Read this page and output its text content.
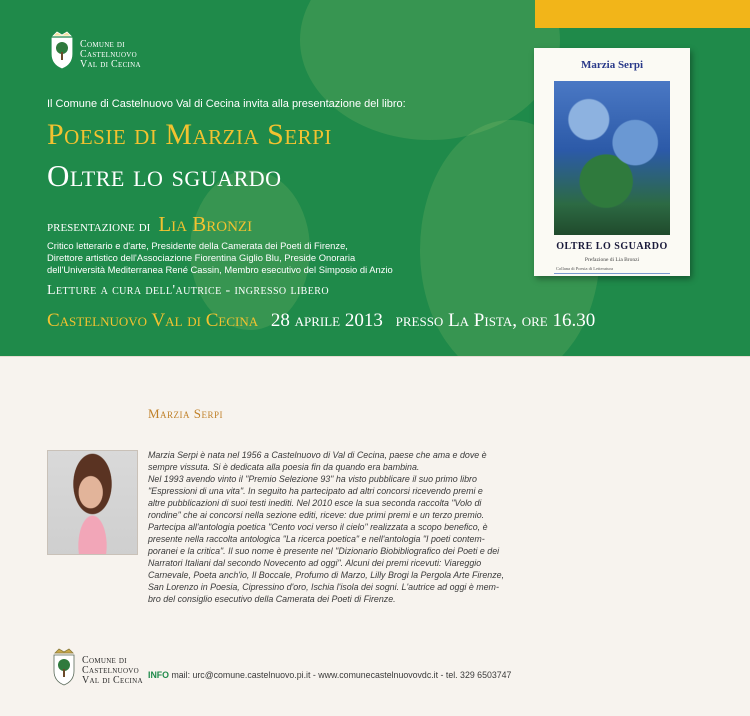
Comune di
Castelnuovo
Val di Cecina
Il Comune di Castelnuovo Val di Cecina invita alla presentazione del libro:
Poesie di Marzia Serpi
Oltre lo sguardo
presentazione di Lia Bronzi
Critico letterario e d'arte, Presidente della Camerata dei Poeti di Firenze,
Direttore artistico dell'Associazione Fiorentina Giglio Blu, Preside Onoraria
dell'Università Mediterranea René Cassin, Membro esecutivo del Simposio di Anzio
Letture a cura dell'autrice - ingresso libero
Castelnuovo Val di Cecina 28 aprile 2013 presso La Pista, ore 16.30
Marzia Serpi
OLTRE LO SGUARDO
Prefazione di Lia Bronzi
Collana di Poesia di Letteratura
Marzia Serpi
Marzia Serpi è nata nel 1956 a Castelnuovo di Val di Cecina, paese che ama e dove è
sempre vissuta. Si è dedicata alla poesia fin da quando era bambina.
Nel 1993 avendo vinto il "Premio Selezione 93" ha visto pubblicare il suo primo libro
"Espressioni di una vita". In seguito ha partecipato ad altri concorsi ricevendo premi e
altre pubblicazioni di suoi testi inediti. Nel 2010 esce la sua seconda raccolta "Volo di
rondine" che ai concorsi nella sezione editi, riceve: due primi premi e un terzo premio.
Partecipa all'antologia poetica "Cento voci verso il cielo" realizzata a scopo benefico, è
presente nella raccolta antologica "La ricerca poetica" e nell'antologia "I poeti contem-
poranei e la critica". Il suo nome è presente nel "Dizionario Biobibliografico dei Poeti e dei
Narratori Italiani dal secondo Novecento ad oggi". Alcuni dei premi ricevuti: Viareggio
Carnevale, Poeta anch'io, Il Boccale, Profumo di Marzo, Lilly Brogi la Pergola Arte Firenze,
San Lorenzo in Poesia, Cipressino d'oro, Ischia l'isola dei sogni. L'autrice ad oggi è mem-
bro del consiglio esecutivo della Camerata dei Poeti di Firenze.
Comune di
Castelnuovo
Val di Cecina INFO mail: urc@comune.castelnuovo.pi.it - www.comunecastelnuovovdc.it - tel. 329 6503747
